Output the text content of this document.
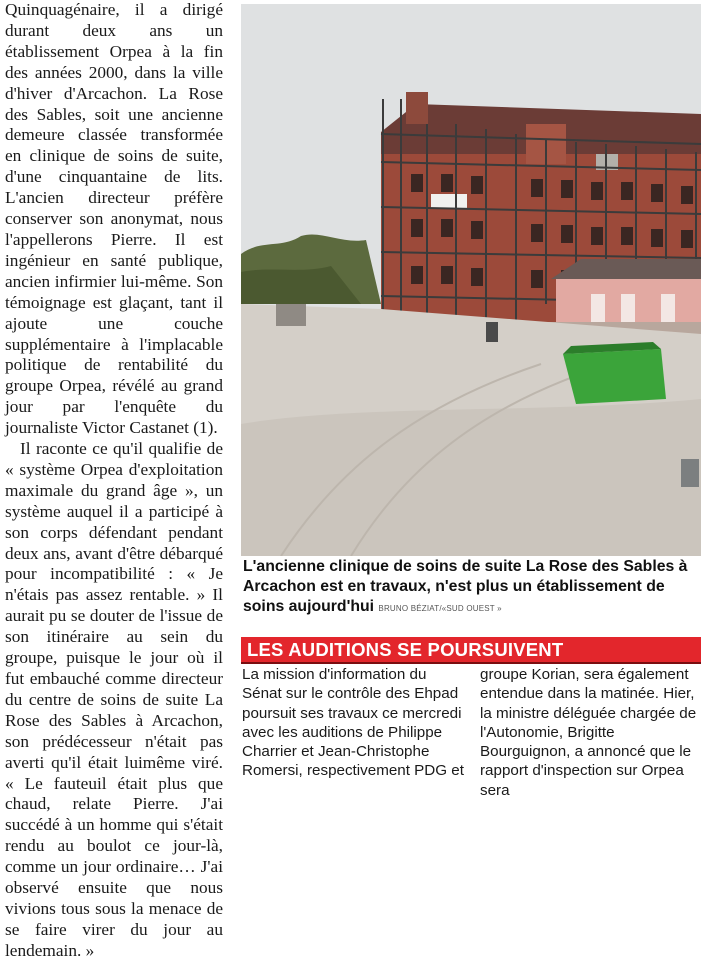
Quinquagénaire, il a dirigé durant deux ans un établissement Orpea à la fin des années 2000, dans la ville d'hiver d'Arcachon. La Rose des Sables, soit une ancienne demeure classée transformée en clinique de soins de suite, d'une cinquantaine de lits. L'ancien directeur préfère conserver son anonymat, nous l'appellerons Pierre. Il est ingénieur en santé publique, ancien infirmier lui-même. Son témoignage est glaçant, tant il ajoute une couche supplémentaire à l'implacable politique de rentabilité du groupe Orpea, révélé au grand jour par l'enquête du journaliste Victor Castanet (1).

Il raconte ce qu'il qualifie de « système Orpea d'exploitation maximale du grand âge », un système auquel il a participé à son corps défendant pendant deux ans, avant d'être débarqué pour incompatibilité : « Je n'étais pas assez rentable. » Il aurait pu se douter de l'issue de son itinéraire au sein du groupe, puisque le jour où il fut embauché comme directeur du centre de soins de suite La Rose des Sables à Arcachon, son prédécesseur n'était pas averti qu'il était luimême viré. « Le fauteuil était plus que chaud, relate Pierre. J'ai succédé à un homme qui s'était rendu au boulot ce jour-là, comme un jour ordinaire… J'ai observé ensuite que nous vivions tous sous la menace de se faire virer du jour au lendemain. »

L'ancienne clinique de soins de suite La Rose des Sables à Arcachon est en travaux, n'est plus un établissement de soins aujourd'hui BRUNO BÉZIAT/«SUD OUEST »
LES AUDITIONS SE POURSUIVENT
La mission d'information du Sénat sur le contrôle des Ehpad poursuit ses travaux ce mercredi avec les auditions de Philippe Charrier et Jean-Christophe Romersi, respectivement PDG et
groupe Korian, sera également entendue dans la matinée. Hier, la ministre déléguée chargée de l'Autonomie, Brigitte Bourguignon, a annoncé que le rapport d'inspection sur Orpea sera
